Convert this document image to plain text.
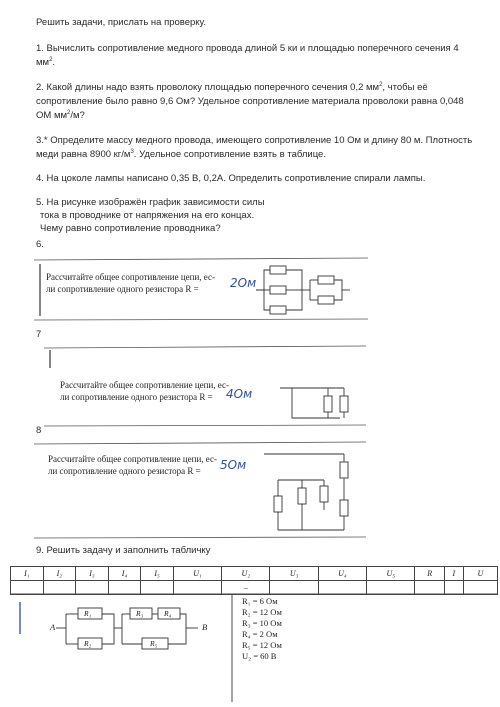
Решить задачи, прислать на проверку.
1. Вычислить сопротивление медного провода длиной 5 ки и площадью поперечного сечения 4
$мм^2$.
2. Какой длины надо взять проволоку площадью поперечного сечения 0,2 $мм^2$, чтобы её
сопротивление было равно 9,6 Ом? Удельное сопротивление материала проволоки равна 0,048
ОМ $мм^2/м$?
3.* Определите массу медного провода, имеющего сопротивление 10 Ом и длину 80 м. Плотность
меди равна 8900 $кг/м^3$. Удельное сопротивление взять в таблице.
4. На цоколе лампы написано 0,35 В, 0,2А. Определить сопротивление спирали лампы.
5. На рисунке изображён график зависимости силы
тока в проводнике от напряжения на его концах.
Чему равно сопротивление проводника?
6.
Рассчитайте общее сопротивление цепи, ес-
ли сопротивление одного резистора R =	2Ом
7
Рассчитайте общее сопротивление цепи, ес-
ли сопротивление одного резистора R = 4Ом
8
Рассчитайте общее сопротивление цепи, ес-
ли сопротивление одного резистора R = 5Ом
9. Решить задачу и заполнить табличку
I₁	I₂	I₃	I₄	I₅	U₁	U₂	U₃	U₄	U₅	R	I	U
						–						
A	B
R₁
R₂
R₃	R₄
R₅
R₁ = 6 Ом
R₂ = 12 Ом
R₃ = 10 Ом
R₄ = 2 Ом
R₅ = 12 Ом
U₂ = 60 В
